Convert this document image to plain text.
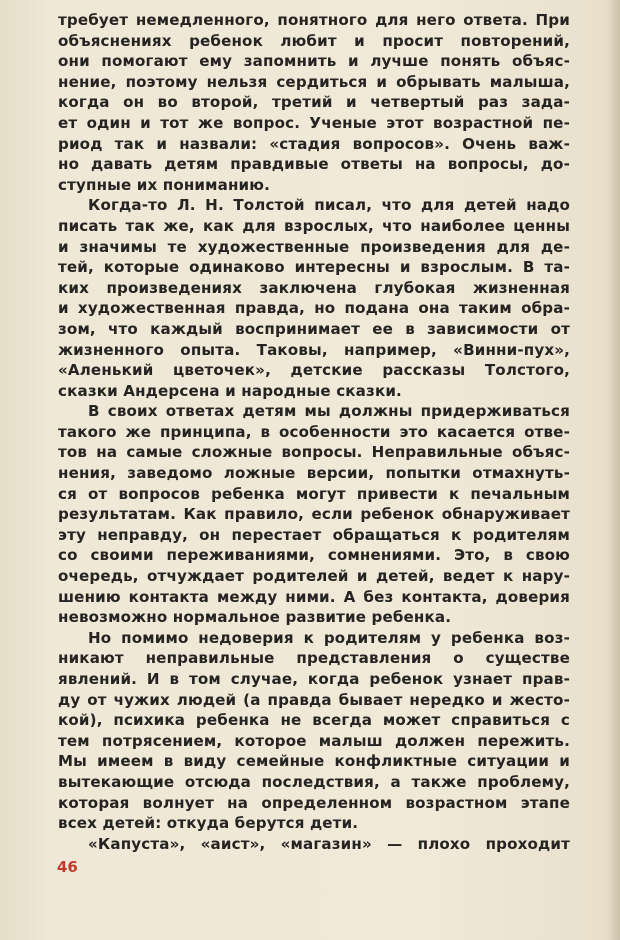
требует немедленного, понятного для него ответа. При
объяснениях ребенок любит и просит повторений,
они помогают ему запомнить и лучше понять объяс-
нение, поэтому нельзя сердиться и обрывать малыша,
когда он во второй, третий и четвертый раз зада-
ет один и тот же вопрос. Ученые этот возрастной пе-
риод так и назвали: «стадия вопросов». Очень важ-
но давать детям правдивые ответы на вопросы, до-
ступные их пониманию.
Когда-то Л. Н. Толстой писал, что для детей надо
писать так же, как для взрослых, что наиболее ценны
и значимы те художественные произведения для де-
тей, которые одинаково интересны и взрослым. В та-
ких произведениях заключена глубокая жизненная
и художественная правда, но подана она таким обра-
зом, что каждый воспринимает ее в зависимости от
жизненного опыта. Таковы, например, «Винни-пух»,
«Аленький цветочек», детские рассказы Толстого,
сказки Андерсена и народные сказки.
В своих ответах детям мы должны придерживаться
такого же принципа, в особенности это касается отве-
тов на самые сложные вопросы. Неправильные объяс-
нения, заведомо ложные версии, попытки отмахнуть-
ся от вопросов ребенка могут привести к печальным
результатам. Как правило, если ребенок обнаруживает
эту неправду, он перестает обращаться к родителям
со своими переживаниями, сомнениями. Это, в свою
очередь, отчуждает родителей и детей, ведет к нару-
шению контакта между ними. А без контакта, доверия
невозможно нормальное развитие ребенка.
Но помимо недоверия к родителям у ребенка воз-
никают неправильные представления о существе
явлений. И в том случае, когда ребенок узнает прав-
ду от чужих людей (а правда бывает нередко и жесто-
кой), психика ребенка не всегда может справиться с
тем потрясением, которое малыш должен пережить.
Мы имеем в виду семейные конфликтные ситуации и
вытекающие отсюда последствия, а также проблему,
которая волнует на определенном возрастном этапе
всех детей: откуда берутся дети.
«Капуста», «аист», «магазин» — плохо проходит
46
